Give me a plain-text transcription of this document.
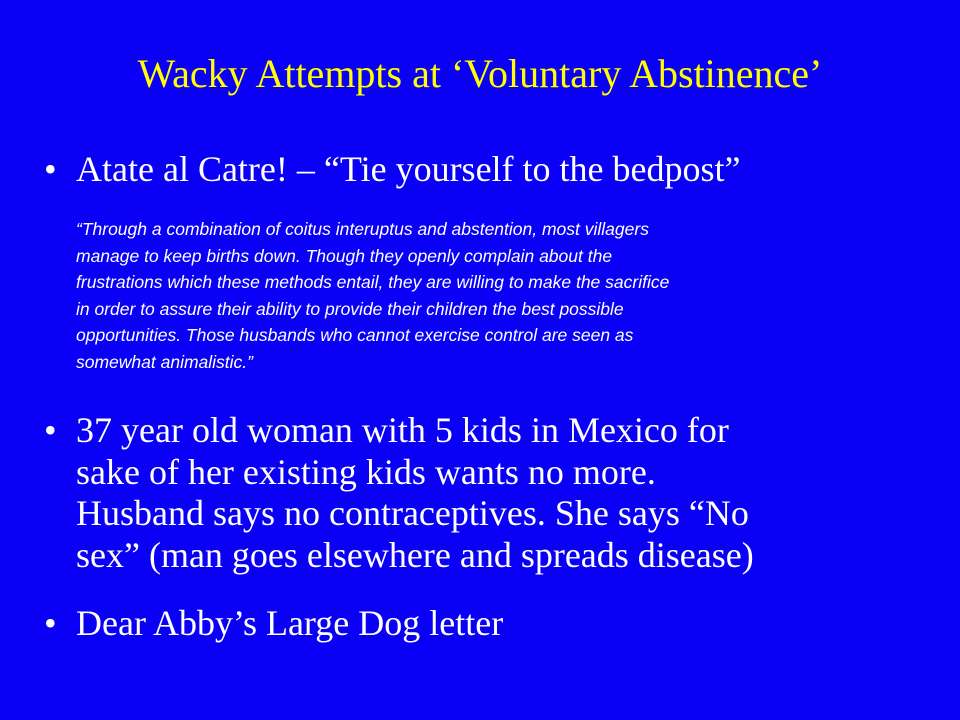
Wacky Attempts at ‘Voluntary Abstinence’
• Atate al Catre! – “Tie yourself to the bedpost”
“Through a combination of coitus interuptus and abstention, most villagers
manage to keep births down. Though they openly complain about the
frustrations which these methods entail, they are willing to make the sacrifice
in order to assure their ability to provide their children the best possible
opportunities. Those husbands who cannot exercise control are seen as
somewhat animalistic.”
• 37 year old woman with 5 kids in Mexico for
sake of her existing kids wants no more.
Husband says no contraceptives. She says “No
sex” (man goes elsewhere and spreads disease)
• Dear Abby’s Large Dog letter
